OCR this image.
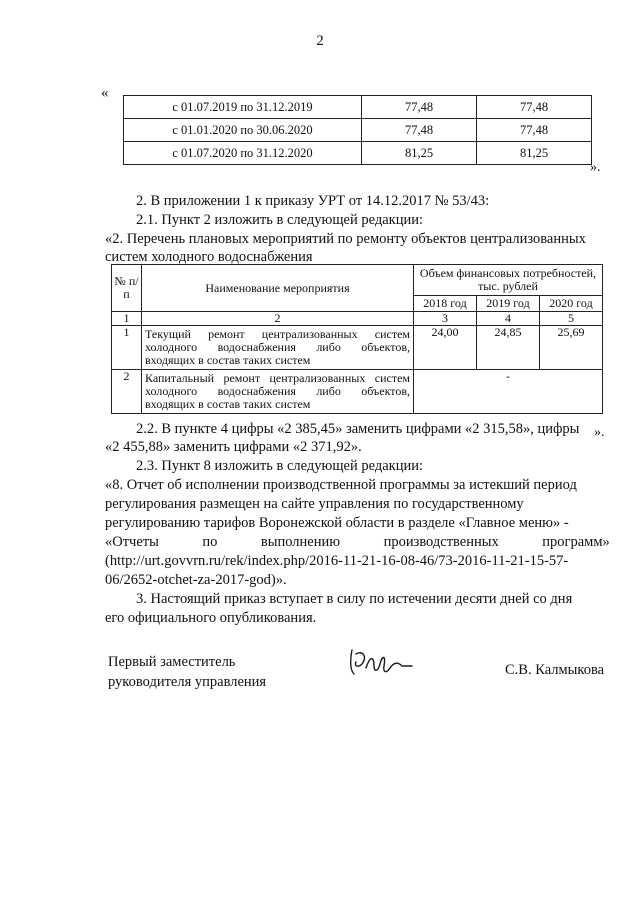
2
«
с 01.07.2019 по 31.12.2019	77,48	77,48
с 01.01.2020 по 30.06.2020	77,48	77,48
с 01.07.2020 по 31.12.2020	81,25	81,25
».
2. В приложении 1 к приказу УРТ от 14.12.2017 № 53/43:
2.1. Пункт 2 изложить в следующей редакции:
«2. Перечень плановых мероприятий по ремонту объектов централизованных
систем холодного водоснабжения
№ п/п	Наименование мероприятия	Объем финансовых потребностей, тыс. рублей		
		2018 год	2019 год	2020 год
1	2	3	4	5
1	Текущий ремонт централизованных систем холодного водоснабжения либо объектов, входящих в состав таких систем	24,00	24,85	25,69
2	Капитальный ремонт централизованных систем холодного водоснабжения либо объектов, входящих в состав таких систем	-		
».
2.2. В пункте 4 цифры «2 385,45» заменить цифрами «2 315,58», цифры
«2 455,88» заменить цифрами «2 371,92».
2.3. Пункт 8 изложить в следующей редакции:
«8. Отчет об исполнении производственной программы за истекший период
регулирования размещен на сайте управления по государственному
регулированию тарифов Воронежской области в разделе «Главное меню» -
«Отчеты            по            выполнению            производственных            программ»
(http://urt.govvrn.ru/rek/index.php/2016-11-21-16-08-46/73-2016-11-21-15-57-
06/2652-otchet-za-2017-god)».
3. Настоящий приказ вступает в силу по истечении десяти дней со дня
его официального опубликования.
Первый заместитель
руководителя управления
С.В. Калмыкова
